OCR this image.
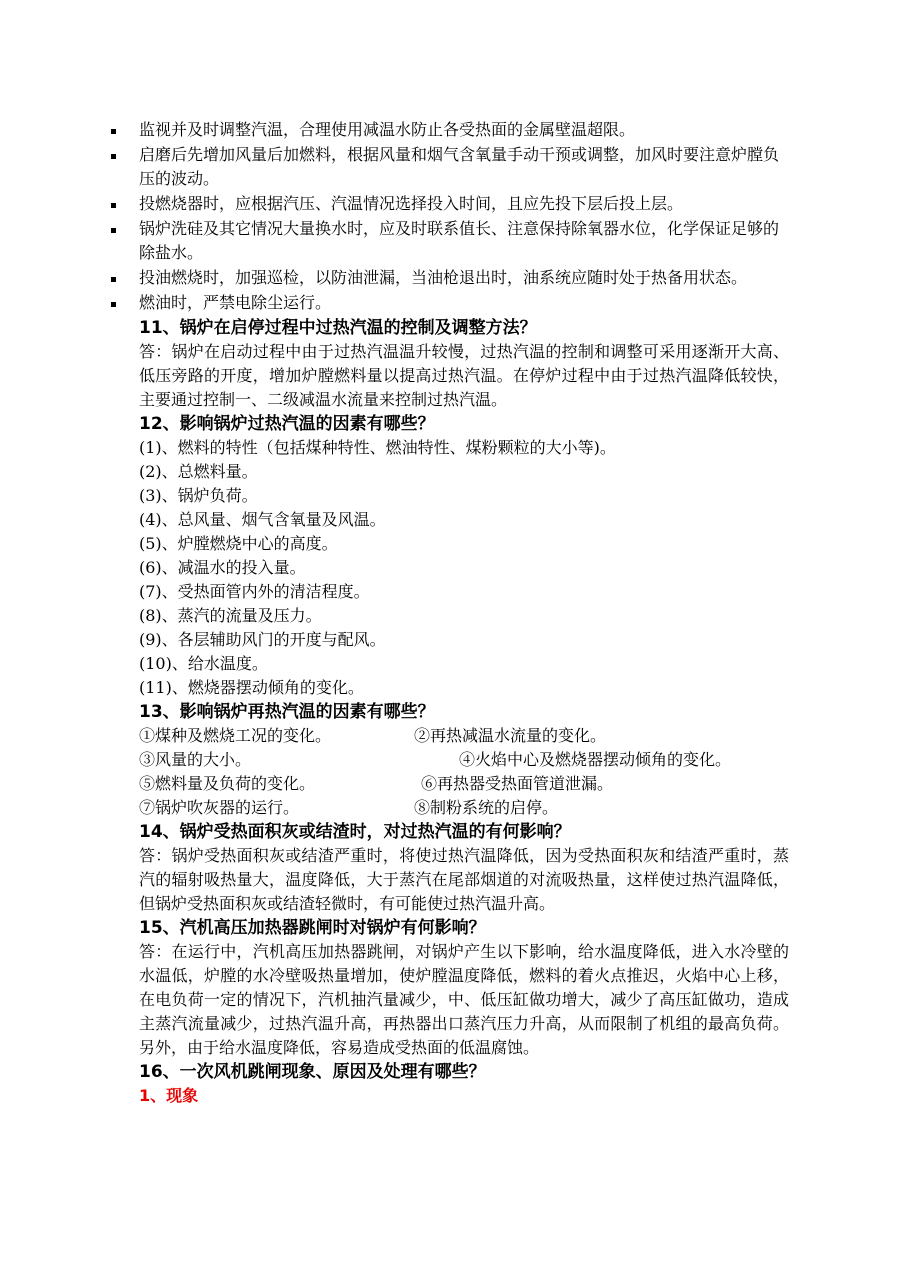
监视并及时调整汽温，合理使用减温水防止各受热面的金属壁温超限。
启磨后先增加风量后加燃料，根据风量和烟气含氧量手动干预或调整，加风时要注意炉膛负压的波动。
投燃烧器时，应根据汽压、汽温情况选择投入时间，且应先投下层后投上层。
锅炉洗硅及其它情况大量换水时，应及时联系值长、注意保持除氧器水位，化学保证足够的除盐水。
投油燃烧时，加强巡检，以防油泄漏，当油枪退出时，油系统应随时处于热备用状态。
燃油时，严禁电除尘运行。
11、锅炉在启停过程中过热汽温的控制及调整方法？
答：锅炉在启动过程中由于过热汽温温升较慢，过热汽温的控制和调整可采用逐渐开大高、低压旁路的开度，增加炉膛燃料量以提高过热汽温。在停炉过程中由于过热汽温降低较快，主要通过控制一、二级减温水流量来控制过热汽温。
12、影响锅炉过热汽温的因素有哪些？
(1)、燃料的特性（包括煤种特性、燃油特性、煤粉颗粒的大小等)。
(2)、总燃料量。
(3)、锅炉负荷。
(4)、总风量、烟气含氧量及风温。
(5)、炉膛燃烧中心的高度。
(6)、减温水的投入量。
(7)、受热面管内外的清洁程度。
(8)、蒸汽的流量及压力。
(9)、各层辅助风门的开度与配风。
(10)、给水温度。
(11)、燃烧器摆动倾角的变化。
13、影响锅炉再热汽温的因素有哪些？
①煤种及燃烧工况的变化。	②再热减温水流量的变化。
③风量的大小。	④火焰中心及燃烧器摆动倾角的变化。
⑤燃料量及负荷的变化。	⑥再热器受热面管道泄漏。
⑦锅炉吹灰器的运行。	⑧制粉系统的启停。
14、锅炉受热面积灰或结渣时，对过热汽温的有何影响？
答：锅炉受热面积灰或结渣严重时，将使过热汽温降低，因为受热面积灰和结渣严重时，蒸汽的辐射吸热量大，温度降低，大于蒸汽在尾部烟道的对流吸热量，这样使过热汽温降低，但锅炉受热面积灰或结渣轻微时，有可能使过热汽温升高。
15、汽机高压加热器跳闸时对锅炉有何影响？
答：在运行中，汽机高压加热器跳闸，对锅炉产生以下影响，给水温度降低，进入水冷壁的水温低，炉膛的水冷壁吸热量增加，使炉膛温度降低，燃料的着火点推迟，火焰中心上移，在电负荷一定的情况下，汽机抽汽量减少，中、低压缸做功增大，减少了高压缸做功，造成主蒸汽流量减少，过热汽温升高，再热器出口蒸汽压力升高，从而限制了机组的最高负荷。另外，由于给水温度降低，容易造成受热面的低温腐蚀。
16、一次风机跳闸现象、原因及处理有哪些？
1、现象
